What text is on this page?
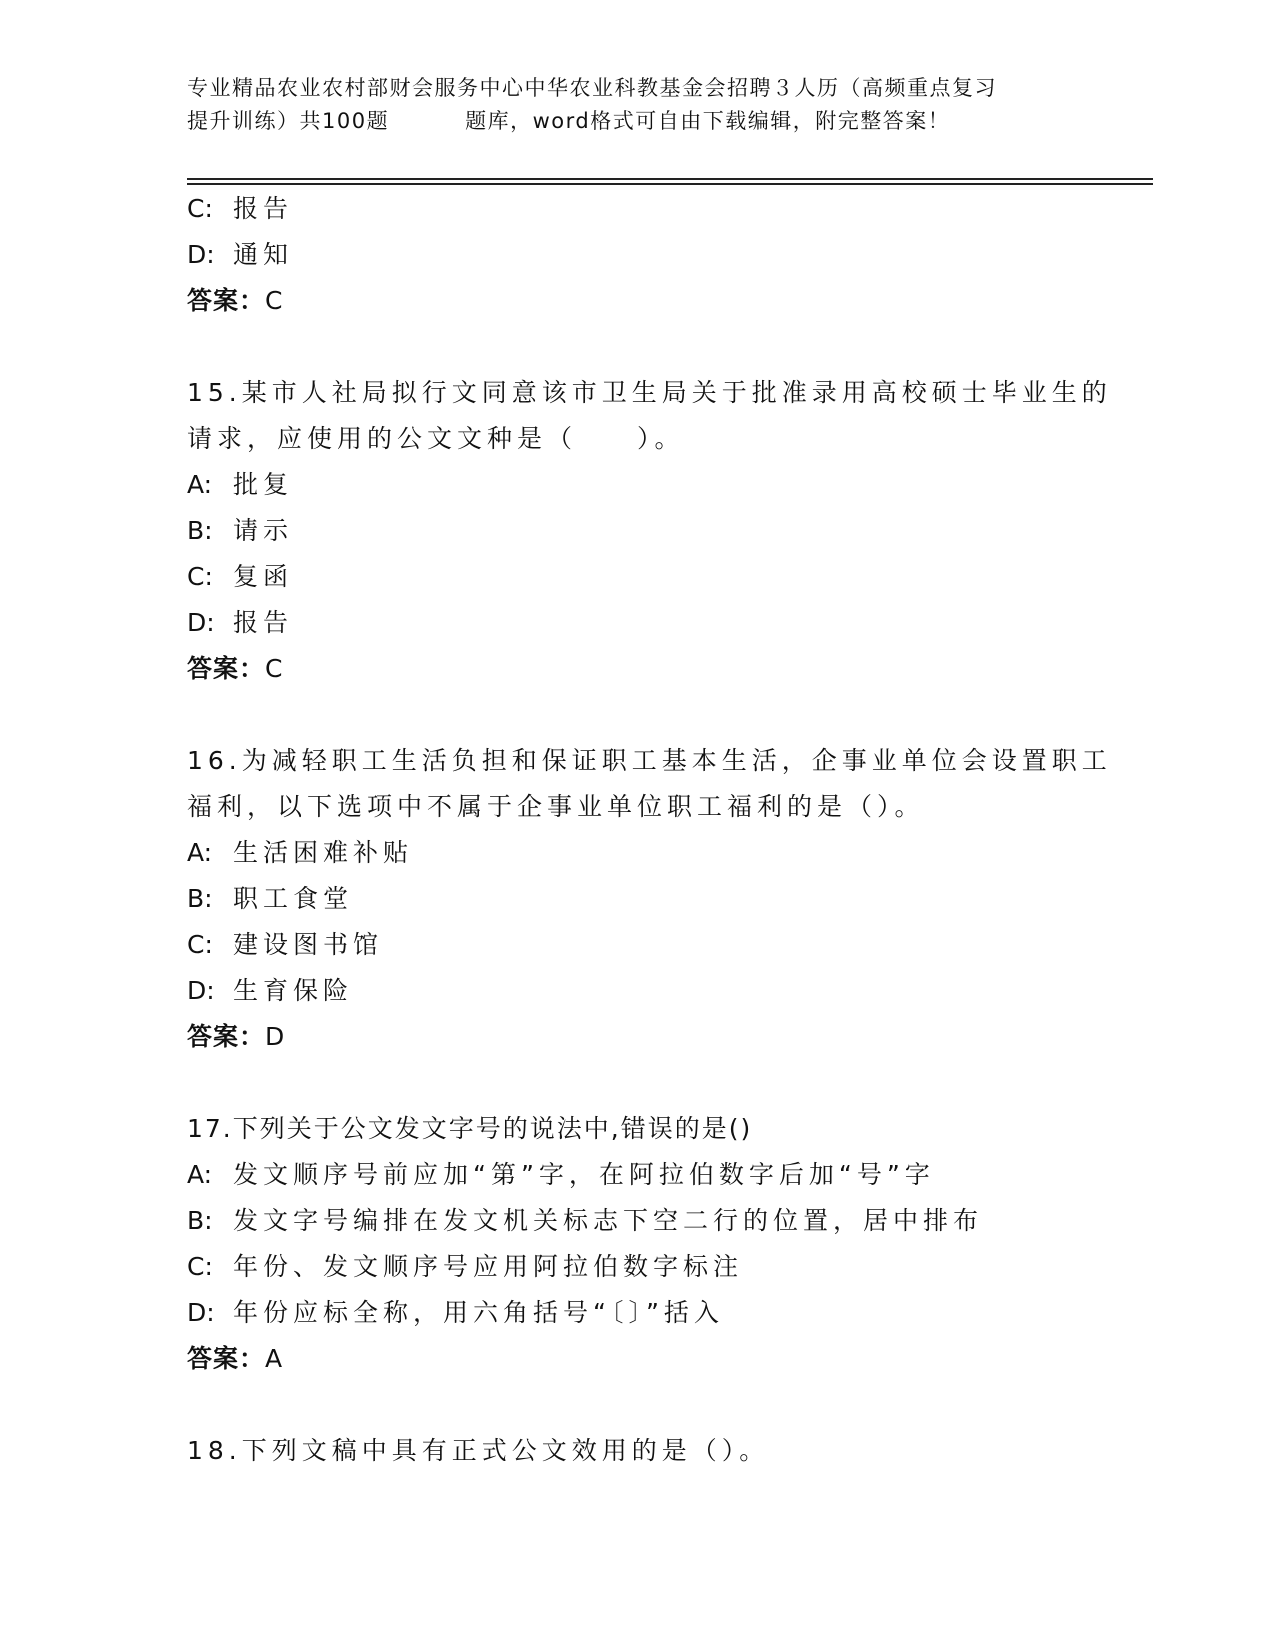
专业精品农业农村部财会服务中心中华农业科教基金会招聘３人历（高频重点复习
提升训练）共100题	题库，word格式可自由下载编辑，附完整答案！
C: 报告
D: 通知
答案：C
15.某市人社局拟行文同意该市卫生局关于批准录用高校硕士毕业生的
请求，应使用的公文文种是（　　）。
A: 批复
B: 请示
C: 复函
D: 报告
答案：C
16.为减轻职工生活负担和保证职工基本生活，企事业单位会设置职工
福利，以下选项中不属于企事业单位职工福利的是（）。
A: 生活困难补贴
B: 职工食堂
C: 建设图书馆
D: 生育保险
答案：D
17.下列关于公文发文字号的说法中,错误的是()
A: 发文顺序号前应加“第”字，在阿拉伯数字后加“号”字
B: 发文字号编排在发文机关标志下空二行的位置，居中排布
C: 年份、发文顺序号应用阿拉伯数字标注
D: 年份应标全称，用六角括号“〔〕”括入
答案：A
18.下列文稿中具有正式公文效用的是（）。
